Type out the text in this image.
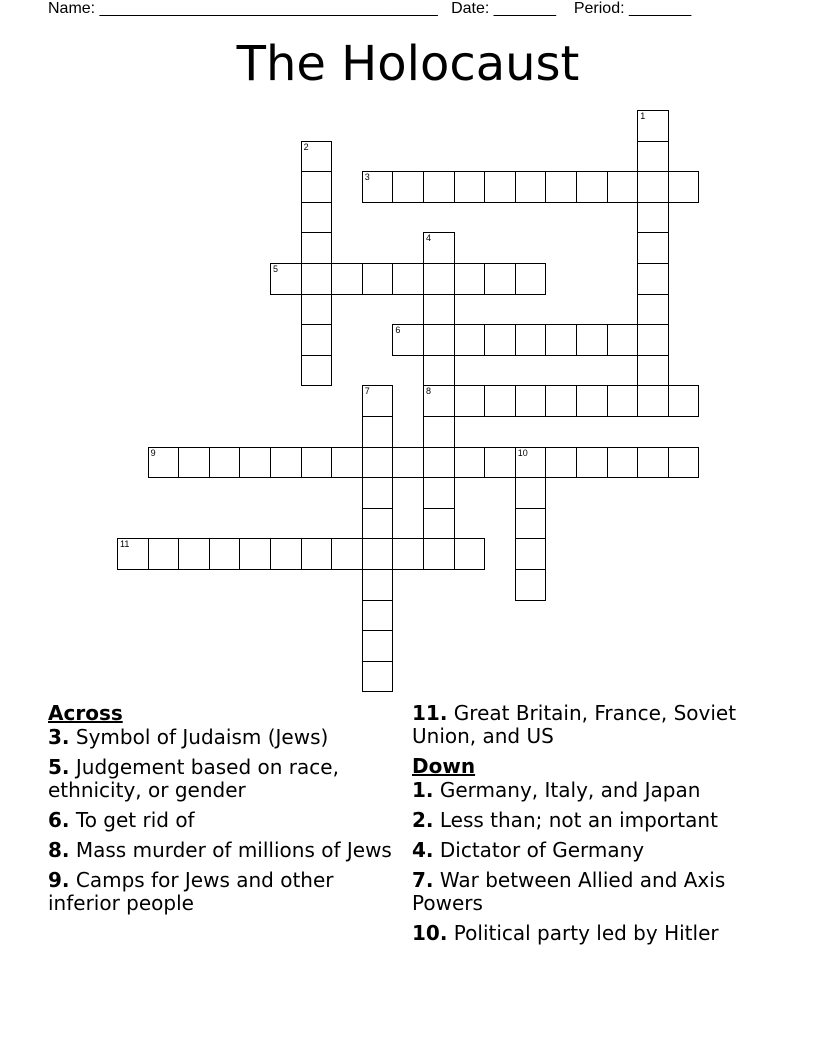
Name: ______________________________________ Date: _______ Period: _______
The Holocaust
1
2
3
4
8
5
6
7
9	10
11
Across
3. Symbol of Judaism (Jews)
5. Judgement based on race, ethnicity, or gender
6. To get rid of
8. Mass murder of millions of Jews
9. Camps for Jews and other inferior people
11. Great Britain, France, Soviet Union, and US
Down
1. Germany, Italy, and Japan
2. Less than; not an important
4. Dictator of Germany
7. War between Allied and Axis Powers
10. Political party led by Hitler
